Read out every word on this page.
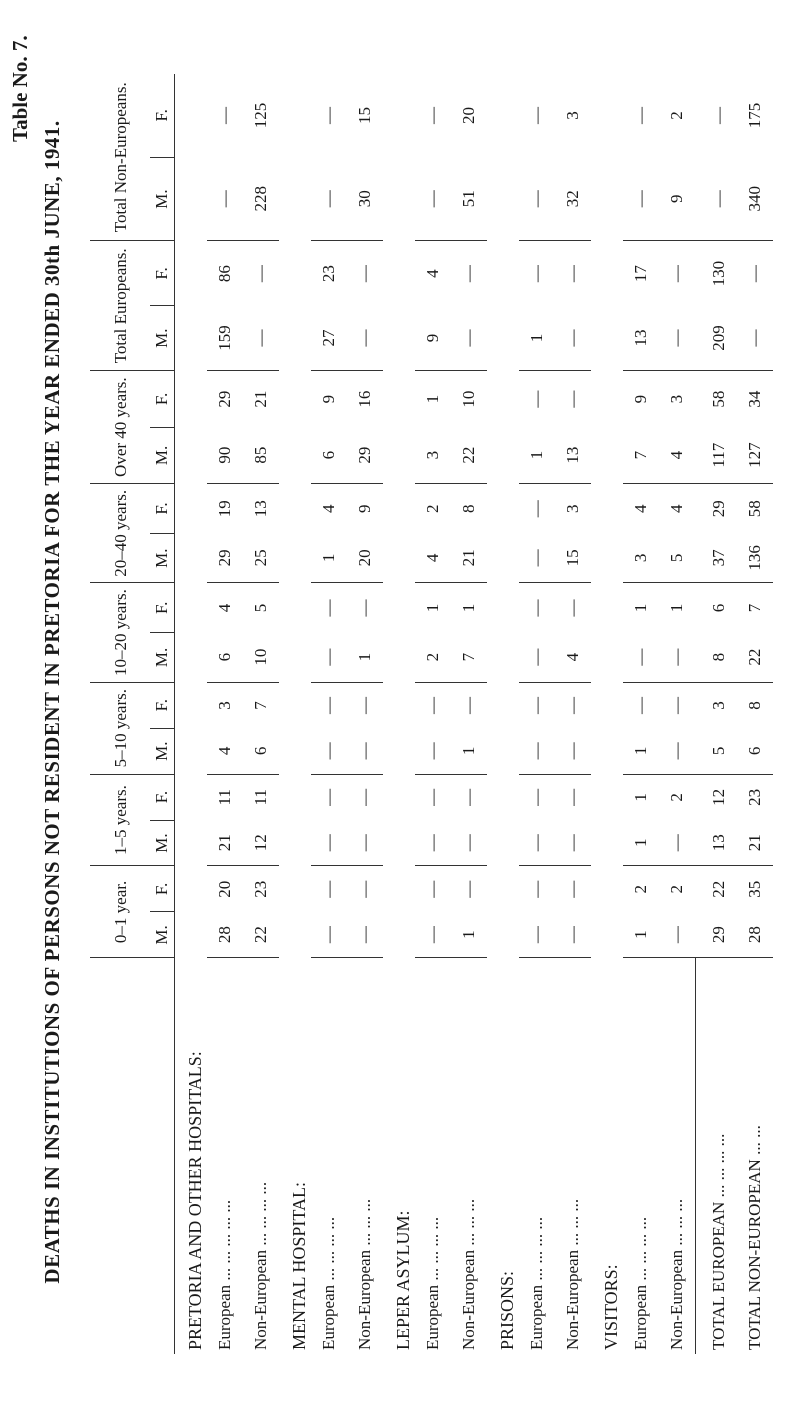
Table No. 7.
DEATHS IN INSTITUTIONS OF PERSONS NOT RESIDENT IN PRETORIA FOR THE YEAR ENDED 30th JUNE, 1941.
		0–1 year.		1–5 years.		5–10 years.		10–20 years.		20–40 years.		Over 40 years.		Total Europeans.		Total Non-Europeans.	
	M.	F.	M.	F.	M.	F.	M.	F.	M.	F.	M.	F.	M.	F.	M.	F.
PRETORIA AND OTHER HOSPITALS:																
European ... ... ... ... ...	28	20	21	11	4	3	6	4	29	19	90	29	159	86	—	—
Non-European ... ... ... ...	22	23	12	11	6	7	10	5	25	13	85	21	—	—	228	125
MENTAL HOSPITAL:																
European ... ... ... ...	—	—	—	—	—	—	—	—	1	4	6	9	27	23	—	—
Non-European ... ... ...	—	—	—	—	—	—	1	—	20	9	29	16	—	—	30	15
LEPER ASYLUM:																
European ... ... ... ...	—	—	—	—	—	—	2	1	4	2	3	1	9	4	—	—
Non-European ... ... ...	1	—	—	—	1	—	7	1	21	8	22	10	—	—	51	20
PRISONS:																
European ... ... ... ...	—	—	—	—	—	—	—	—	—	—	1	—	1	—	—	—
Non-European ... ... ...	—	—	—	—	—	—	4	—	15	3	13	—	—	—	32	3
VISITORS:																
European ... ... ... ...	1	2	1	1	1	—	—	1	3	4	7	9	13	17	—	—
Non-European ... ... ...	—	2	—	2	—	—	—	1	5	4	4	3	—	—	9	2
TOTAL EUROPEAN ... ... ... ...	29	22	13	12	5	3	8	6	37	29	117	58	209	130	—	—
TOTAL NON-EUROPEAN ... ...	28	35	21	23	6	8	22	7	136	58	127	34	—	—	340	175
